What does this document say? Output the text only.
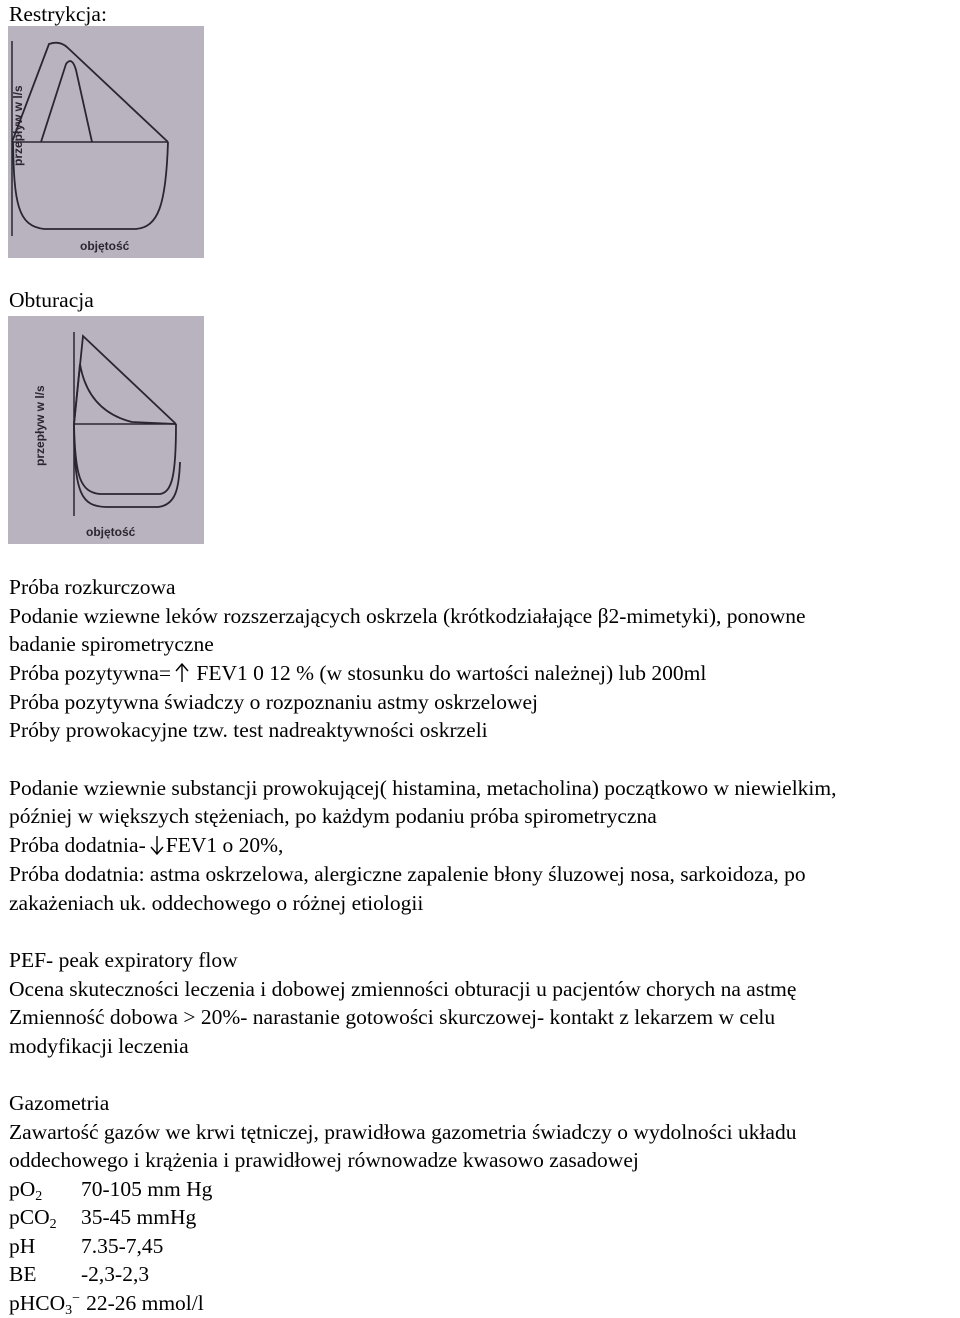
Restrykcja:
przepływ w l/s
objętość
Obturacja
przepływ w l/s
objętość
Próba rozkurczowa
Podanie wziewne leków rozszerzających oskrzela (krótkodziałające β2-mimetyki), ponowne
badanie spirometryczne
Próba pozytywna= FEV1 0 12 % (w stosunku do wartości należnej) lub 200ml
Próba pozytywna świadczy o rozpoznaniu astmy oskrzelowej
Próby prowokacyjne tzw. test nadreaktywności oskrzeli
Podanie wziewnie substancji prowokującej( histamina, metacholina) początkowo w niewielkim,
później w większych stężeniach, po każdym podaniu próba spirometryczna
Próba dodatnia- FEV1 o 20%,
Próba dodatnia: astma oskrzelowa, alergiczne zapalenie błony śluzowej nosa, sarkoidoza, po
zakażeniach uk. oddechowego o różnej etiologii
PEF- peak expiratory flow
Ocena skuteczności leczenia i dobowej zmienności obturacji u pacjentów chorych na astmę
Zmienność dobowa > 20%- narastanie gotowości skurczowej- kontakt z lekarzem w celu
modyfikacji leczenia
Gazometria
Zawartość gazów we krwi tętniczej, prawidłowa gazometria świadczy o wydolności układu
oddechowego i krążenia i prawidłowej równowadze kwasowo zasadowej
$pO_2$ 70-105 mm Hg
pCO$_2$ 35-45 mmHg
pH 7.35-7,45
BE -2,3-2,3
pHCO$_3$− 22-26 mmol/l
